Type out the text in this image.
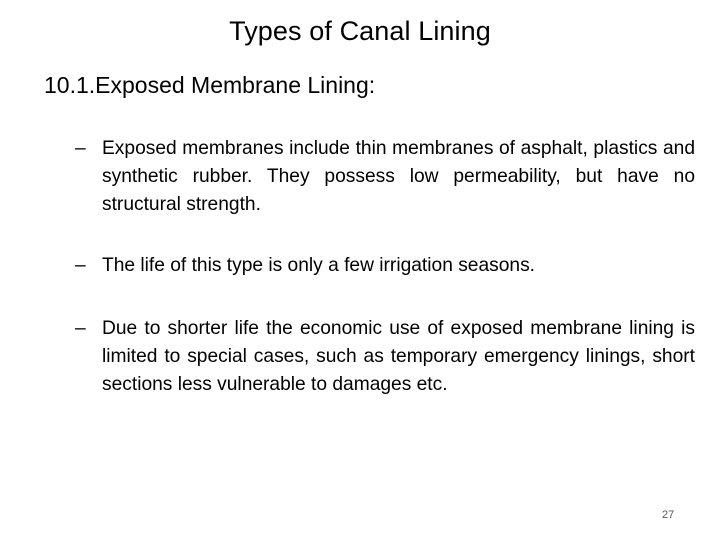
Types of Canal Lining
10.1.Exposed Membrane Lining:
– Exposed membranes include thin membranes of asphalt, plastics and synthetic rubber. They possess low permeability, but have no structural strength.
– The life of this type is only a few irrigation seasons.
– Due to shorter life the economic use of exposed membrane lining is limited to special cases, such as temporary emergency linings, short sections less vulnerable to damages etc.
27
